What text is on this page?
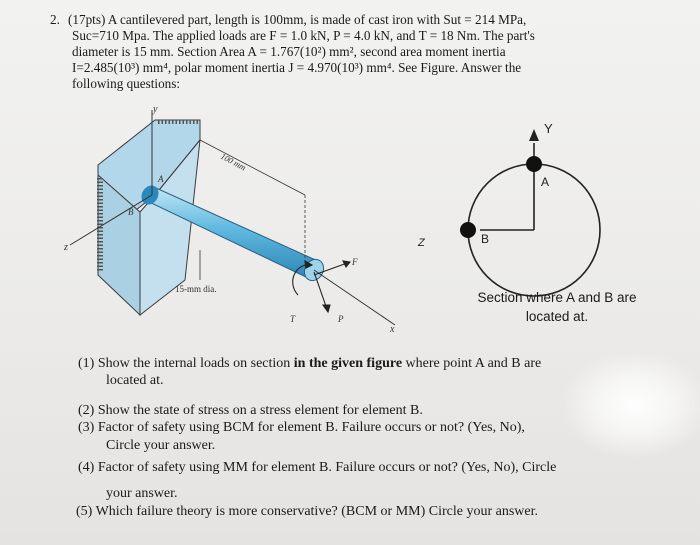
2. (17pts) A cantilevered part, length is 100mm, is made of cast iron with Sut = 214 MPa,
Suc=710 Mpa. The applied loads are F = 1.0 kN, P = 4.0 kN, and T = 18 Nm. The part's
diameter is 15 mm. Section Area A = 1.767(10²) mm², second area moment inertia
I=2.485(10³) mm⁴, polar moment inertia J = 4.970(10³) mm⁴. See Figure. Answer the
following questions:
y
z
x
A
B
100 mm
15-mm dia.
F
P
T
Y
Z
A
B
Section where A and B are
located at.
(1) Show the internal loads on section in the given figure where point A and B are
located at.
(2) Show the state of stress on a stress element for element B.
(3) Factor of safety using BCM for element B. Failure occurs or not? (Yes, No),
Circle your answer.
(4) Factor of safety using MM for element B. Failure occurs or not? (Yes, No), Circle
your answer.
(5) Which failure theory is more conservative? (BCM or MM) Circle your answer.
